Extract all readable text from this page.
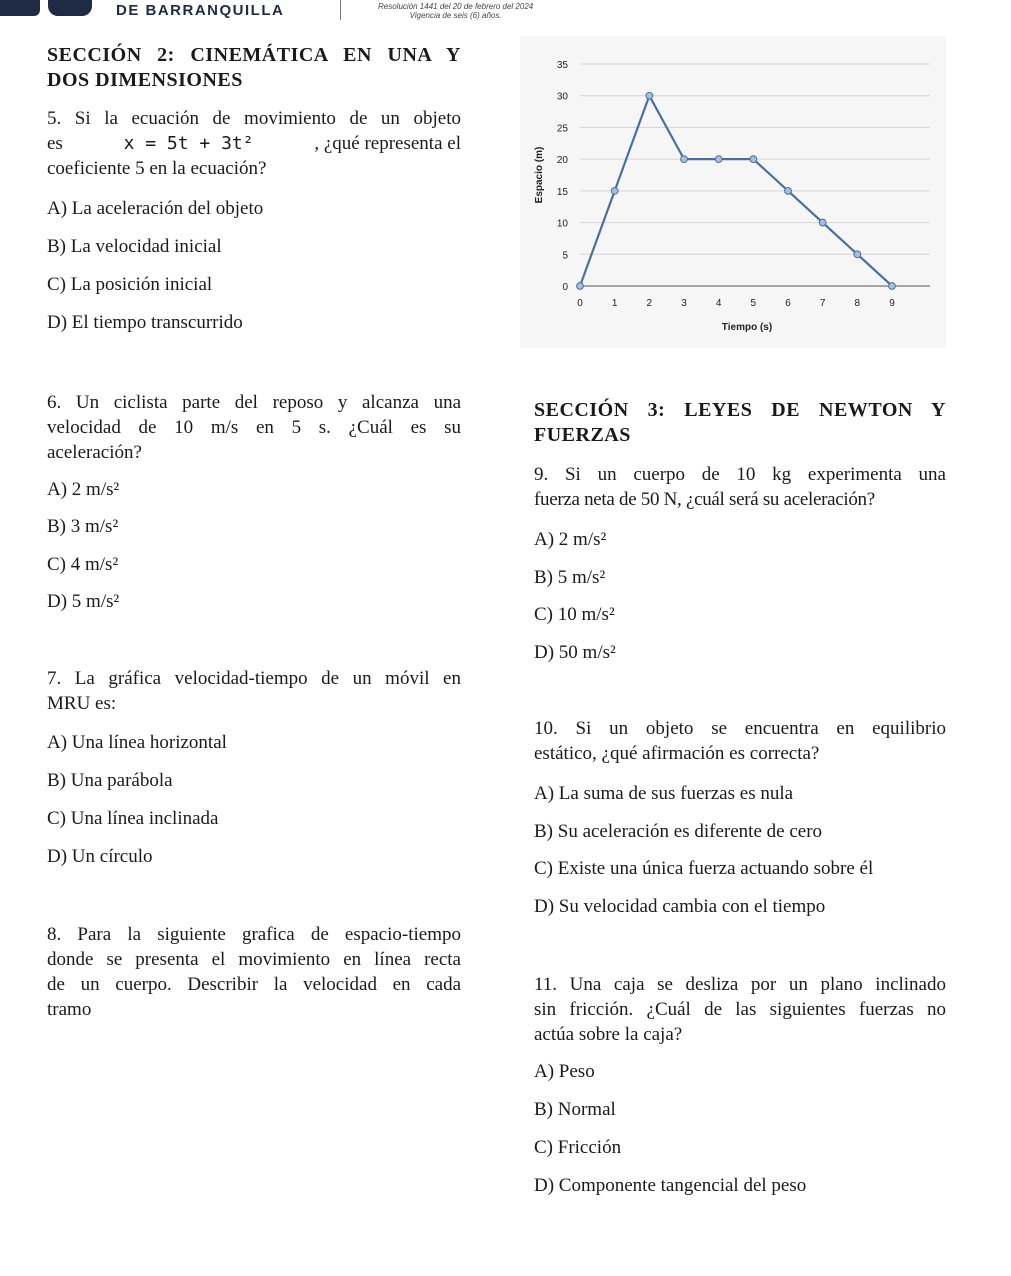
DE BARRANQUILLA	Resolución 1441 del 20 de febrero del 2024
Vigencia de seis (6) años.
SECCIÓN 2: CINEMÁTICA EN UNA Y
DOS DIMENSIONES
5. Si la ecuación de movimiento de un objeto
es	x = 5t + 3t²	, ¿qué representa el
coeficiente 5 en la ecuación?
A) La aceleración del objeto
B) La velocidad inicial
C) La posición inicial
D) El tiempo transcurrido
0
5
10
15
20
25
30
35
0	1	2	3	4	5	6	7	8	9
Tiempo (s)
Espacio (m)
6. Un ciclista parte del reposo y alcanza una
velocidad de 10 m/s en 5 s. ¿Cuál es su
aceleración?
A) 2 m/s²
B) 3 m/s²
C) 4 m/s²
D) 5 m/s²
7. La gráfica velocidad-tiempo de un móvil en
MRU es:
A) Una línea horizontal
B) Una parábola
C) Una línea inclinada
D) Un círculo
8. Para la siguiente grafica de espacio-tiempo
donde se presenta el movimiento en línea recta
de un cuerpo. Describir la velocidad en cada
tramo
SECCIÓN 3: LEYES DE NEWTON Y
FUERZAS
9. Si un cuerpo de 10 kg experimenta una
fuerza neta de 50 N, ¿cuál será su aceleración?
A) 2 m/s²
B) 5 m/s²
C) 10 m/s²
D) 50 m/s²
10. Si un objeto se encuentra en equilibrio
estático, ¿qué afirmación es correcta?
A) La suma de sus fuerzas es nula
B) Su aceleración es diferente de cero
C) Existe una única fuerza actuando sobre él
D) Su velocidad cambia con el tiempo
11. Una caja se desliza por un plano inclinado
sin fricción. ¿Cuál de las siguientes fuerzas no
actúa sobre la caja?
A) Peso
B) Normal
C) Fricción
D) Componente tangencial del peso
